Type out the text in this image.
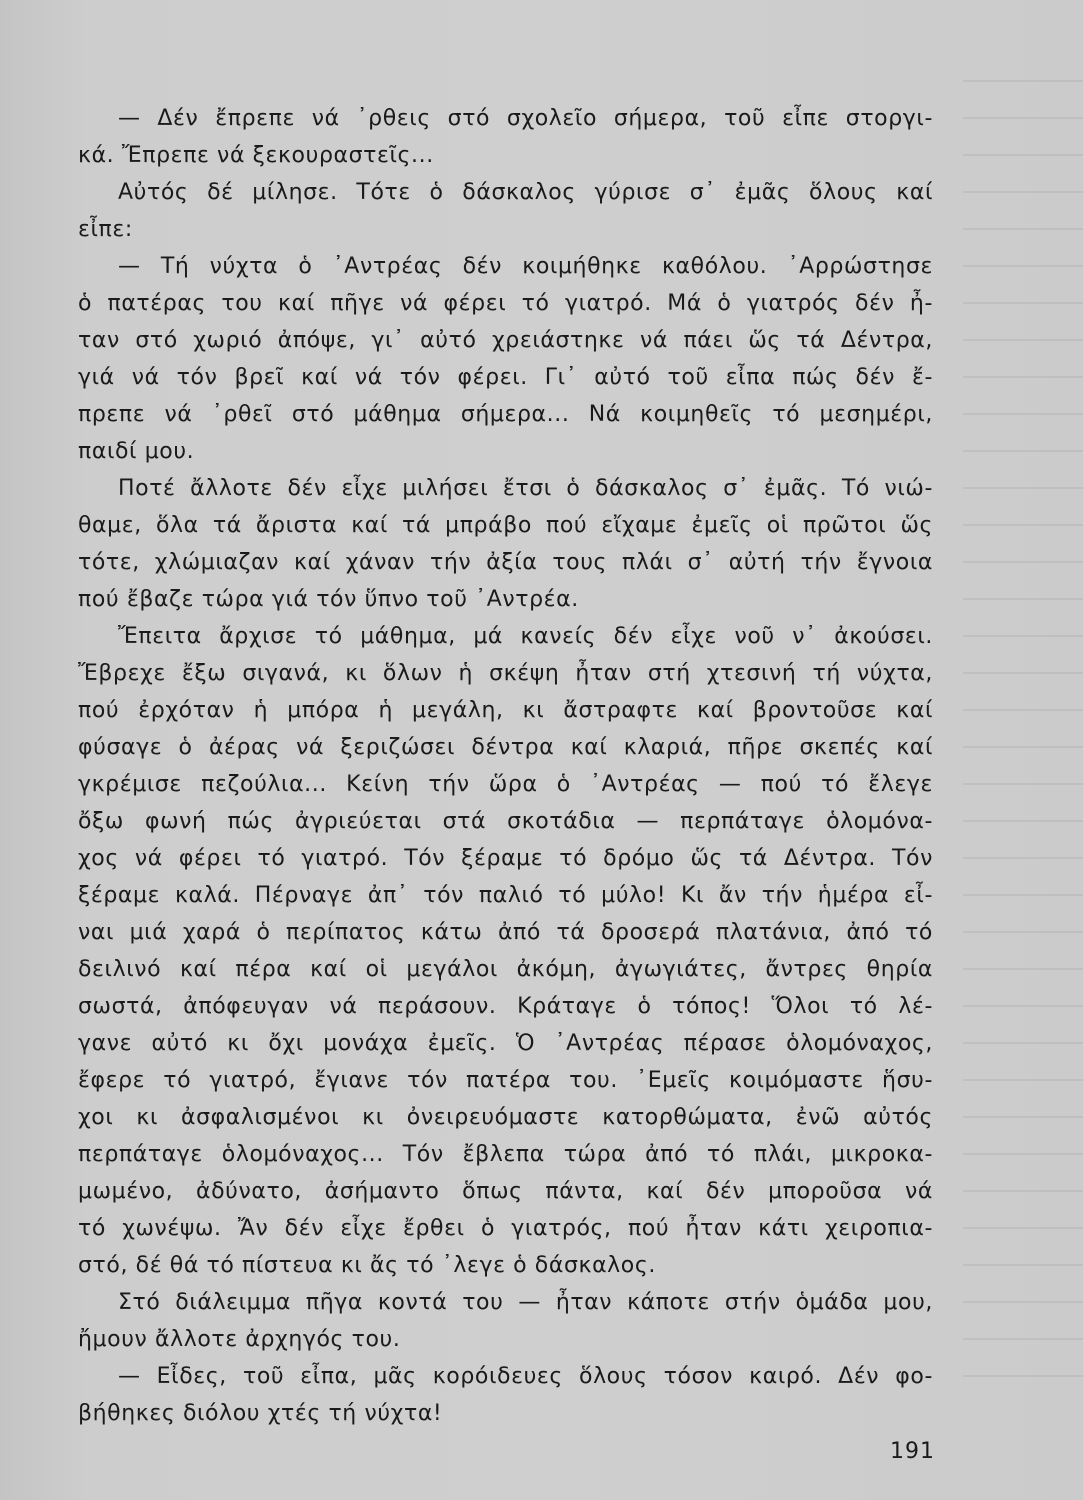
— Δέν ἔπρεπε νά ᾿ρθεις στό σχολεῖο σήμερα, τοῦ εἶπε στοργι-
κά. Ἔπρεπε νά ξεκουραστεῖς...
Αὐτός δέ μίλησε. Τότε ὁ δάσκαλος γύρισε σ᾿ ἐμᾶς ὅλους καί
εἶπε:
— Τή νύχτα ὁ ᾿Αντρέας δέν κοιμήθηκε καθόλου. ᾿Αρρώστησε
ὁ πατέρας του καί πῆγε νά φέρει τό γιατρό. Μά ὁ γιατρός δέν ἦ-
ταν στό χωριό ἀπόψε, γι᾿ αὐτό χρειάστηκε νά πάει ὥς τά Δέντρα,
γιά νά τόν βρεῖ καί νά τόν φέρει. Γι᾿ αὐτό τοῦ εἶπα πώς δέν ἔ-
πρεπε νά ᾿ρθεῖ στό μάθημα σήμερα... Νά κοιμηθεῖς τό μεσημέρι,
παιδί μου.
Ποτέ ἄλλοτε δέν εἶχε μιλήσει ἔτσι ὁ δάσκαλος σ᾿ ἐμᾶς. Τό νιώ-
θαμε, ὅλα τά ἄριστα καί τά μπράβο πού εἴχαμε ἐμεῖς οἱ πρῶτοι ὥς
τότε, χλώμιαζαν καί χάναν τήν ἀξία τους πλάι σ᾿ αὐτή τήν ἔγνοια
πού ἔβαζε τώρα γιά τόν ὕπνο τοῦ ᾿Αντρέα.
Ἔπειτα ἄρχισε τό μάθημα, μά κανείς δέν εἶχε νοῦ ν᾿ ἀκούσει.
Ἔβρεχε ἔξω σιγανά, κι ὅλων ἡ σκέψη ἦταν στή χτεσινή τή νύχτα,
πού ἐρχόταν ἡ μπόρα ἡ μεγάλη, κι ἄστραφτε καί βροντοῦσε καί
φύσαγε ὁ ἀέρας νά ξεριζώσει δέντρα καί κλαριά, πῆρε σκεπές καί
γκρέμισε πεζούλια... Κείνη τήν ὥρα ὁ ᾿Αντρέας — πού τό ἔλεγε
ὄξω φωνή πώς ἀγριεύεται στά σκοτάδια — περπάταγε ὁλομόνα-
χος νά φέρει τό γιατρό. Τόν ξέραμε τό δρόμο ὥς τά Δέντρα. Τόν
ξέραμε καλά. Πέρναγε ἀπ᾿ τόν παλιό τό μύλο! Κι ἄν τήν ἡμέρα εἶ-
ναι μιά χαρά ὁ περίπατος κάτω ἀπό τά δροσερά πλατάνια, ἀπό τό
δειλινό καί πέρα καί οἱ μεγάλοι ἀκόμη, ἀγωγιάτες, ἄντρες θηρία
σωστά, ἀπόφευγαν νά περάσουν. Κράταγε ὁ τόπος! Ὅλοι τό λέ-
γανε αὐτό κι ὄχι μονάχα ἐμεῖς. Ὁ ᾿Αντρέας πέρασε ὁλομόναχος,
ἔφερε τό γιατρό, ἔγιανε τόν πατέρα του. ᾿Εμεῖς κοιμόμαστε ἥσυ-
χοι κι ἀσφαλισμένοι κι ὀνειρευόμαστε κατορθώματα, ἐνῶ αὐτός
περπάταγε ὁλομόναχος... Τόν ἔβλεπα τώρα ἀπό τό πλάι, μικροκα-
μωμένο, ἀδύνατο, ἀσήμαντο ὅπως πάντα, καί δέν μποροῦσα νά
τό χωνέψω. Ἄν δέν εἶχε ἔρθει ὁ γιατρός, πού ἦταν κάτι χειροπια-
στό, δέ θά τό πίστευα κι ἄς τό ᾿λεγε ὁ δάσκαλος.
Στό διάλειμμα πῆγα κοντά του — ἦταν κάποτε στήν ὁμάδα μου,
ἤμουν ἄλλοτε ἀρχηγός του.
— Εἶδες, τοῦ εἶπα, μᾶς κορόιδευες ὅλους τόσον καιρό. Δέν φο-
βήθηκες διόλου χτές τή νύχτα!
191
